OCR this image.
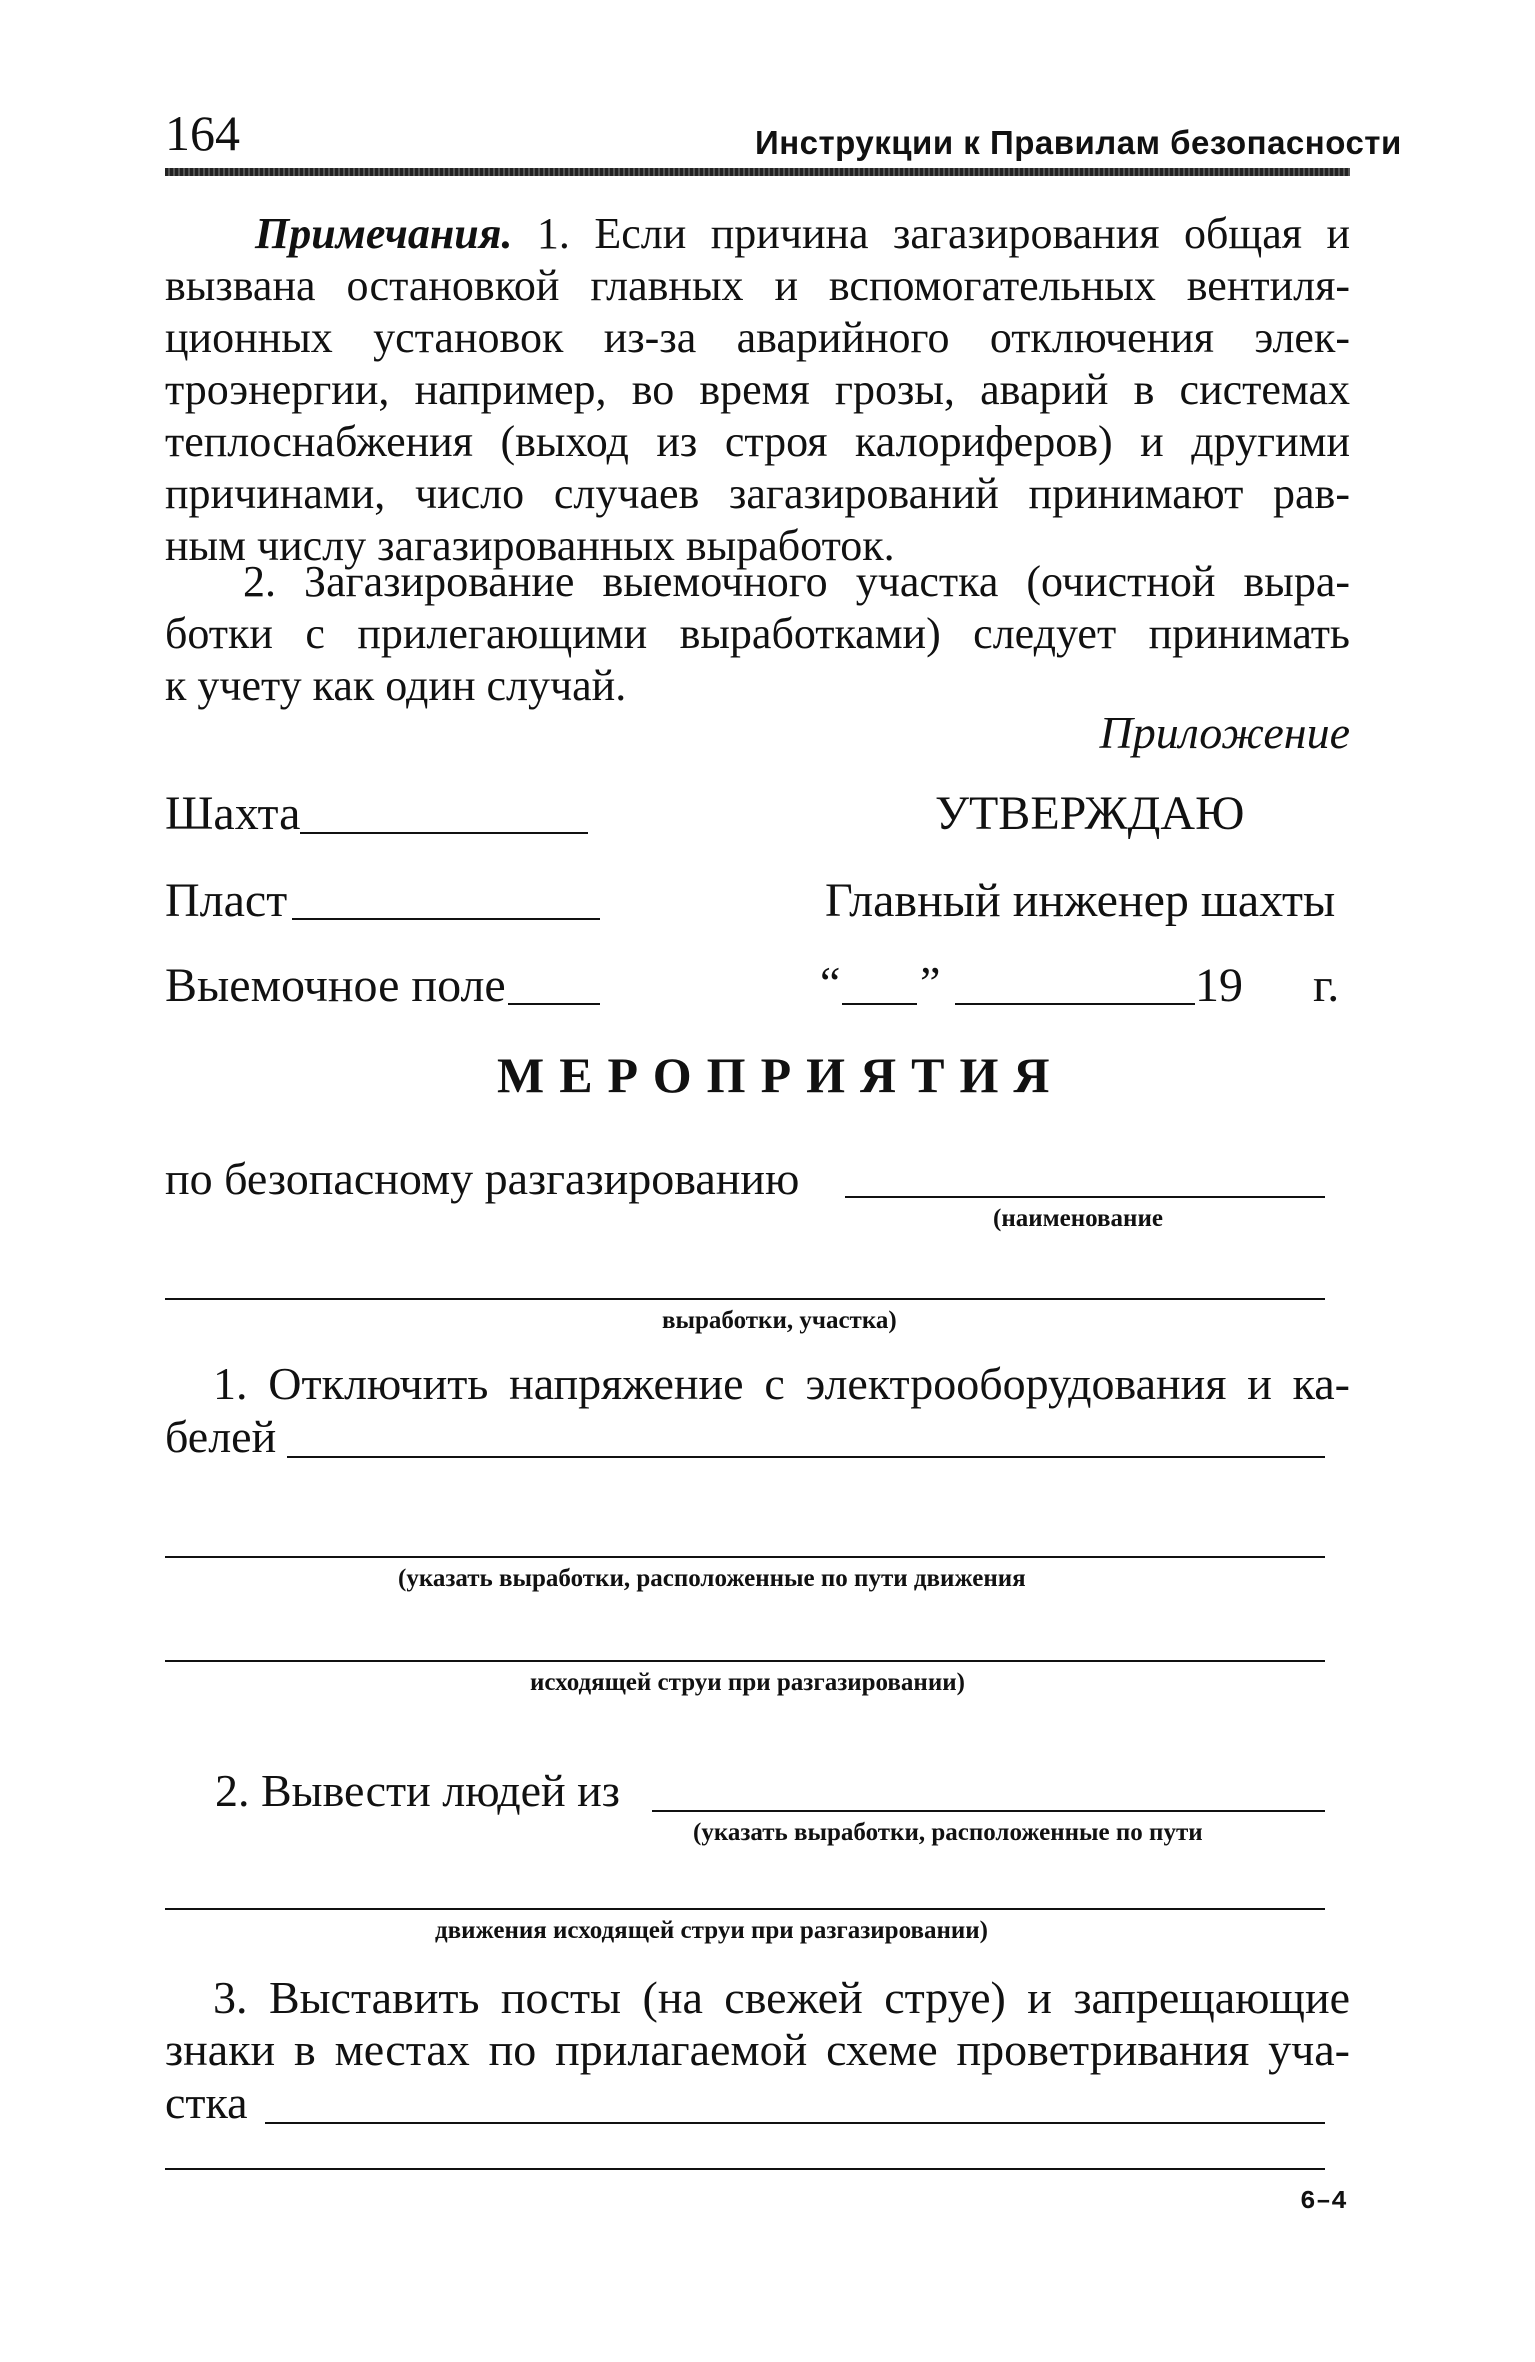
164	Инструкции к Правилам безопасности
Примечания. 1. Если причина загазирования общая и
вызвана остановкой главных и вспомогательных вентиля-
ционных установок из-за аварийного отключения элек-
троэнергии, например, во время грозы, аварий в системах
теплоснабжения (выход из строя калориферов) и другими
причинами, число случаев загазирований принимают рав-
ным числу загазированных выработок.
2. Загазирование выемочного участка (очистной выра-
ботки с прилегающими выработками) следует принимать
к учету как один случай.
Приложение
Шахта
Пласт
Выемочное поле
УТВЕРЖДАЮ
Главный инженер шахты
“ ”	19 г.
МЕРОПРИЯТИЯ
по безопасному разгазированию
(наименование
выработки, участка)
1. Отключить напряжение с электрооборудования и ка-
белей
(указать выработки, расположенные по пути движения
исходящей струи при разгазировании)
2. Вывести людей из
(указать выработки, расположенные по пути
движения исходящей струи при разгазировании)
3. Выставить посты (на свежей струе) и запрещающие
знаки в местах по прилагаемой схеме проветривания уча-
стка
6–4
